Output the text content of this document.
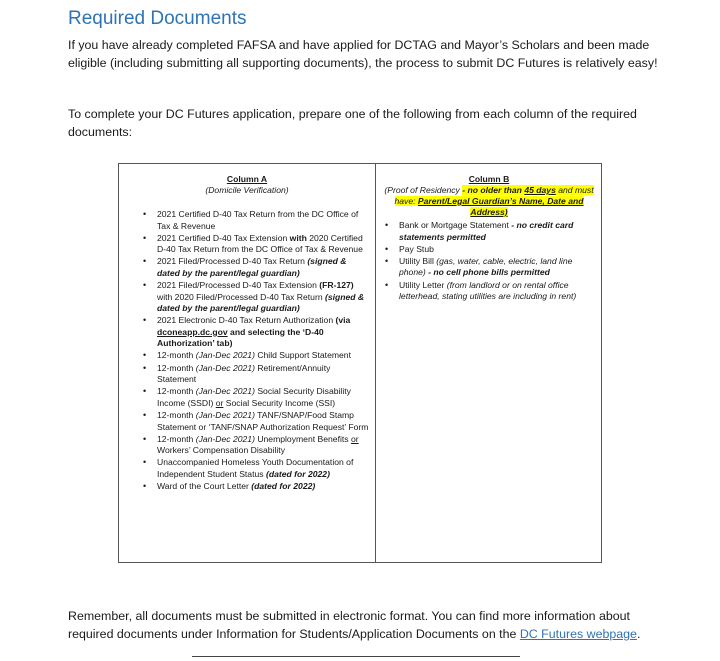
Required Documents
If you have already completed FAFSA and have applied for DCTAG and Mayor’s Scholars and been made eligible (including submitting all supporting documents), the process to submit DC Futures is relatively easy!
To complete your DC Futures application, prepare one of the following from each column of the required documents:
Column A
(Domicile Verification)
• 2021 Certified D-40 Tax Return from the DC Office of Tax & Revenue
• 2021 Certified D-40 Tax Extension with 2020 Certified D-40 Tax Return from the DC Office of Tax & Revenue
• 2021 Filed/Processed D-40 Tax Return (signed & dated by the parent/legal guardian)
• 2021 Filed/Processed D-40 Tax Extension (FR-127) with 2020 Filed/Processed D-40 Tax Return (signed & dated by the parent/legal guardian)
• 2021 Electronic D-40 Tax Return Authorization (via dconeapp.dc.gov and selecting the ‘D-40 Authorization’ tab)
• 12-month (Jan-Dec 2021) Child Support Statement
• 12-month (Jan-Dec 2021) Retirement/Annuity Statement
• 12-month (Jan-Dec 2021) Social Security Disability Income (SSDI) or Social Security Income (SSI)
• 12-month (Jan-Dec 2021) TANF/SNAP/Food Stamp Statement or ‘TANF/SNAP Authorization Request’ Form
• 12-month (Jan-Dec 2021) Unemployment Benefits or Workers’ Compensation Disability
• Unaccompanied Homeless Youth Documentation of Independent Student Status (dated for 2022)
• Ward of the Court Letter (dated for 2022)
Column B
(Proof of Residency - no older than 45 days and must have: Parent/Legal Guardian’s Name, Date and Address)
• Bank or Mortgage Statement - no credit card statements permitted
• Pay Stub
• Utility Bill (gas, water, cable, electric, land line phone) - no cell phone bills permitted
• Utility Letter (from landlord or on rental office letterhead, stating utilities are including in rent)
Remember, all documents must be submitted in electronic format. You can find more information about required documents under Information for Students/Application Documents on the DC Futures webpage.
